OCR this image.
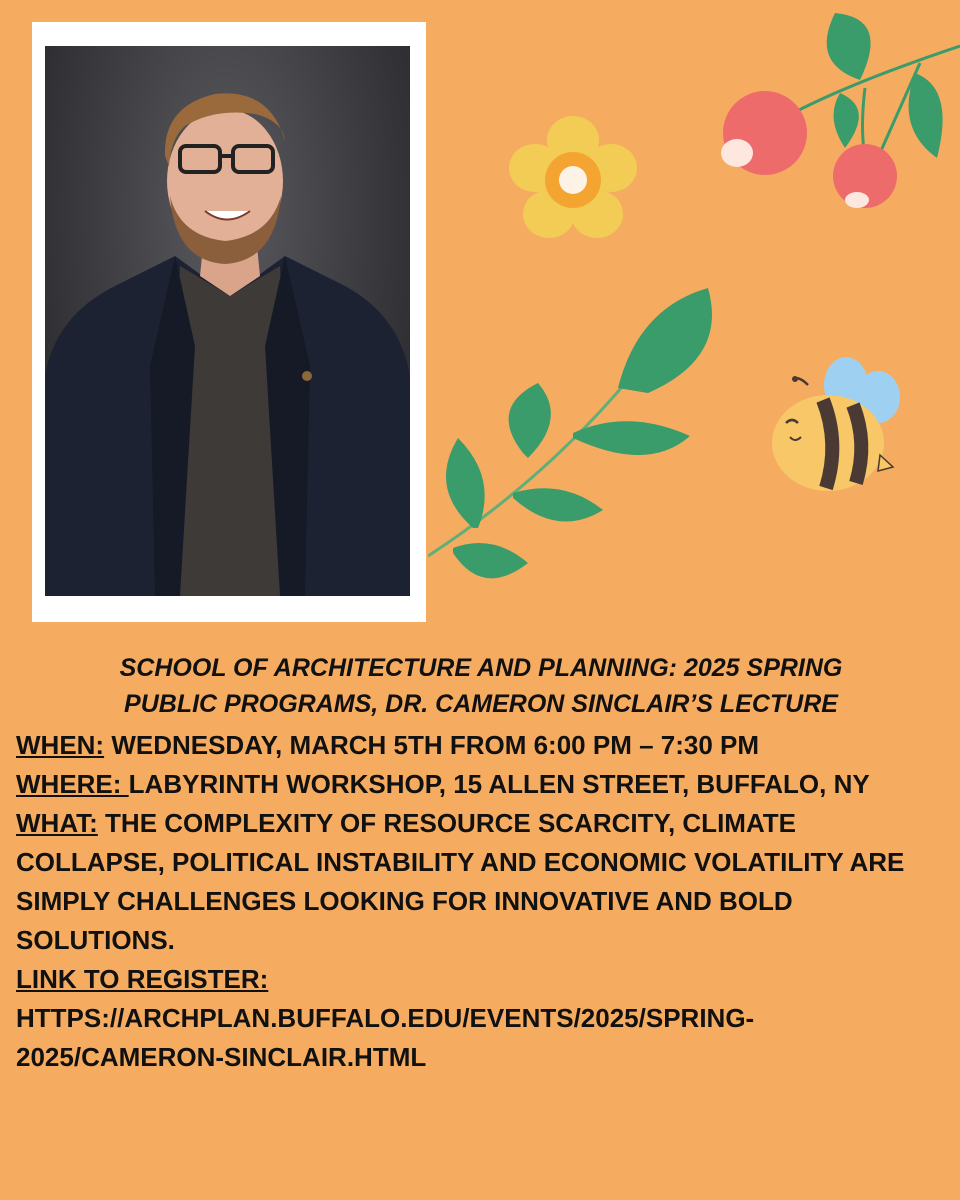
SCHOOL OF ARCHITECTURE AND PLANNING: 2025 SPRING
PUBLIC PROGRAMS, DR. CAMERON SINCLAIR’S LECTURE

WHEN: WEDNESDAY, MARCH 5TH FROM 6:00 PM – 7:30 PM

WHERE: LABYRINTH WORKSHOP, 15 ALLEN STREET, BUFFALO, NY

WHAT: THE COMPLEXITY OF RESOURCE SCARCITY, CLIMATE COLLAPSE, POLITICAL INSTABILITY AND ECONOMIC VOLATILITY ARE SIMPLY CHALLENGES LOOKING FOR INNOVATIVE AND BOLD SOLUTIONS.

LINK TO REGISTER:

HTTPS://ARCHPLAN.BUFFALO.EDU/EVENTS/2025/SPRING-2025/CAMERON-SINCLAIR.HTML
